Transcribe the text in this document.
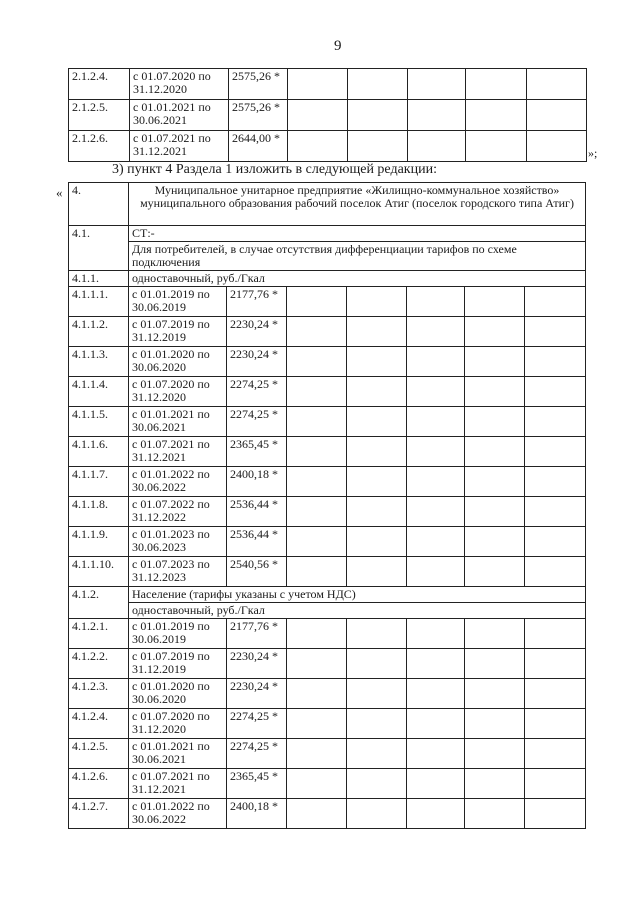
9
2.1.2.4.	с 01.07.2020 по
31.12.2020	2575,26 *					
2.1.2.5.	с 01.01.2021 по
30.06.2021	2575,26 *					
2.1.2.6.	с 01.07.2021 по
31.12.2021	2644,00 *					
»;
3) пункт 4 Раздела 1 изложить в следующей редакции:
« 4.	Муниципальное унитарное предприятие «Жилищно-коммунальное хозяйство» муниципального образования рабочий поселок Атиг (поселок городского типа Атиг)						
4.1.	СТ:-						
	Для потребителей, в случае отсутствия дифференциации тарифов по схеме подключения						
4.1.1.	одноставочный, руб./Гкал						
4.1.1.1.	с 01.01.2019 по
30.06.2019	2177,76 *					
4.1.1.2.	с 01.07.2019 по
31.12.2019	2230,24 *					
4.1.1.3.	с 01.01.2020 по
30.06.2020	2230,24 *					
4.1.1.4.	с 01.07.2020 по
31.12.2020	2274,25 *					
4.1.1.5.	с 01.01.2021 по
30.06.2021	2274,25 *					
4.1.1.6.	с 01.07.2021 по
31.12.2021	2365,45 *					
4.1.1.7.	с 01.01.2022 по
30.06.2022	2400,18 *					
4.1.1.8.	с 01.07.2022 по
31.12.2022	2536,44 *					
4.1.1.9.	с 01.01.2023 по
30.06.2023	2536,44 *					
4.1.1.10.	с 01.07.2023 по
31.12.2023	2540,56 *					
4.1.2.	Население (тарифы указаны с учетом НДС)						
	одноставочный, руб./Гкал						
4.1.2.1.	с 01.01.2019 по
30.06.2019	2177,76 *					
4.1.2.2.	с 01.07.2019 по
31.12.2019	2230,24 *					
4.1.2.3.	с 01.01.2020 по
30.06.2020	2230,24 *					
4.1.2.4.	с 01.07.2020 по
31.12.2020	2274,25 *					
4.1.2.5.	с 01.01.2021 по
30.06.2021	2274,25 *					
4.1.2.6.	с 01.07.2021 по
31.12.2021	2365,45 *					
4.1.2.7.	с 01.01.2022 по
30.06.2022	2400,18 *					
